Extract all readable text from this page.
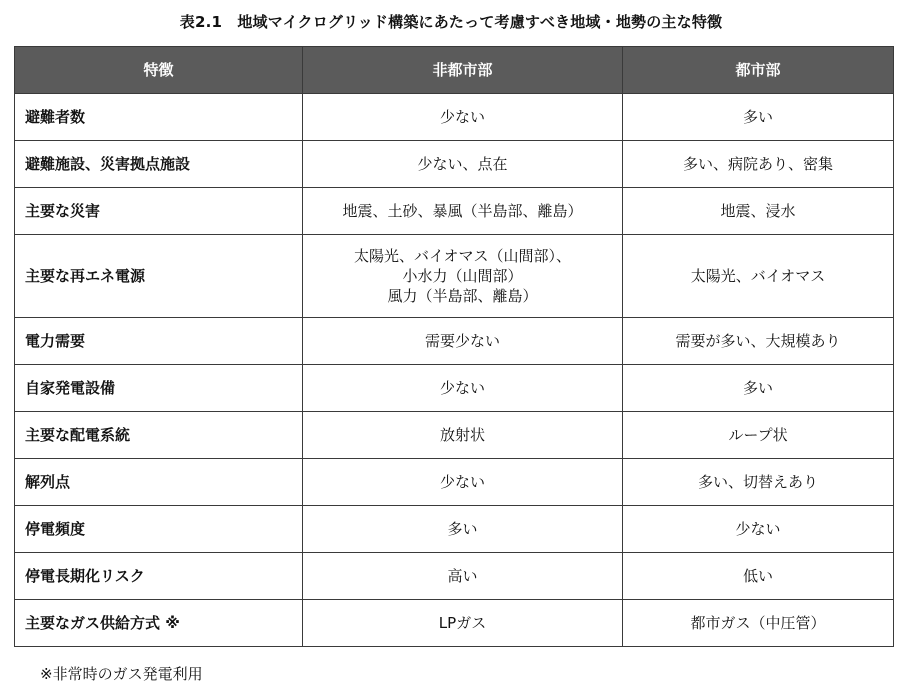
表2.1　地域マイクログリッド構築にあたって考慮すべき地域・地勢の主な特徴
特徴	非都市部	都市部
避難者数	少ない	多い

避難施設、災害拠点施設	少ない、点在	多い、病院あり、密集

主要な災害	地震、土砂、暴風（半島部、離島）	地震、浸水

主要な再エネ電源	太陽光、バイオマス（山間部）、
小水力（山間部）
風力（半島部、離島）	太陽光、バイオマス

電力需要	需要少ない	需要が多い、大規模あり

自家発電設備	少ない	多い

主要な配電系統	放射状	ループ状

解列点	少ない	多い、切替えあり

停電頻度	多い	少ない

停電長期化リスク	高い	低い

主要なガス供給方式 ※	LPガス	都市ガス（中圧管）
※非常時のガス発電利用
